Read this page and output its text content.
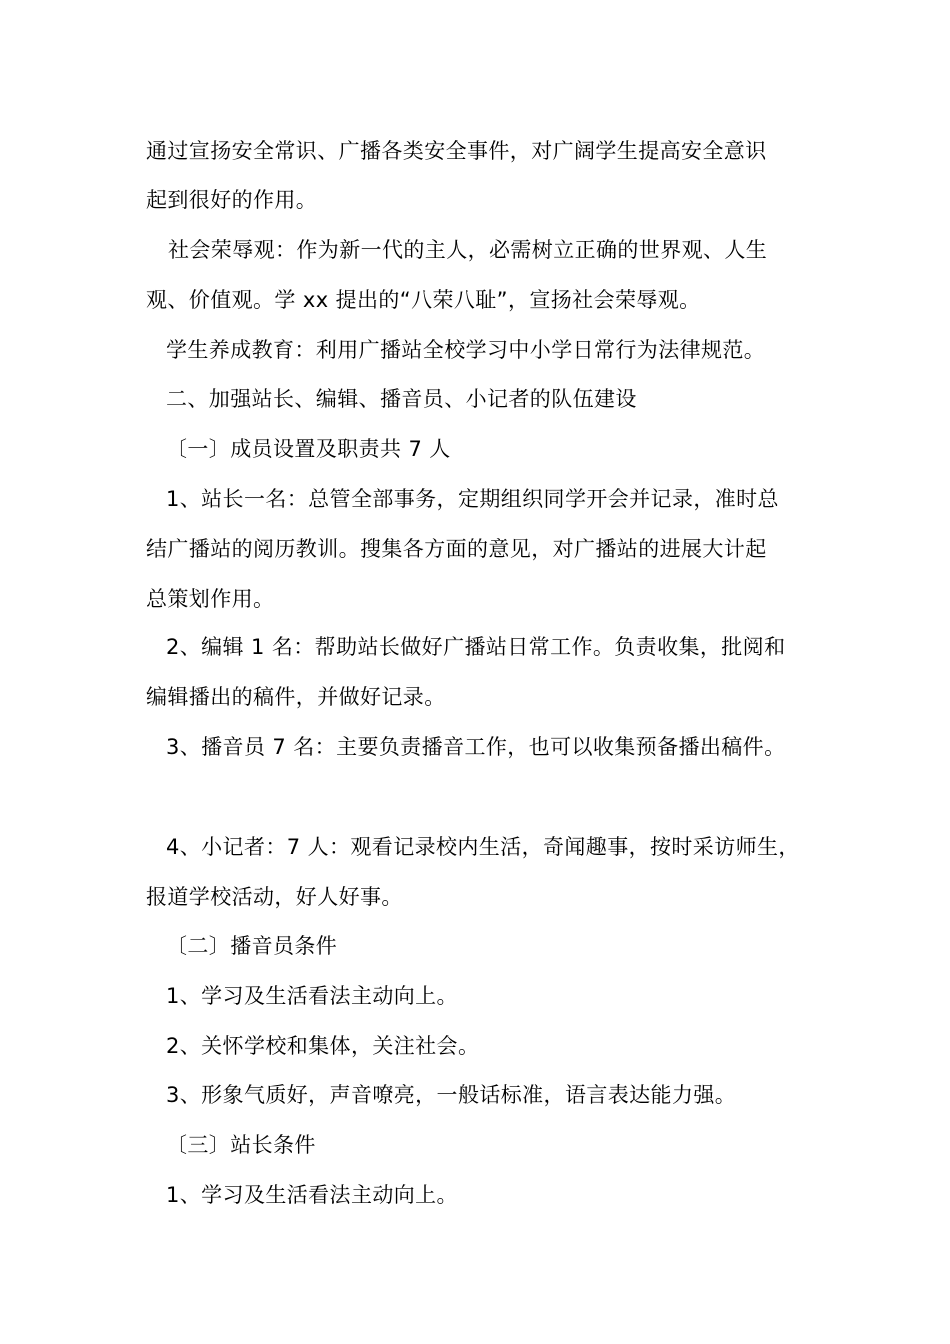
通过宣扬安全常识、广播各类安全事件，对广阔学生提高安全意识
起到很好的作用。
社会荣辱观：作为新一代的主人，必需树立正确的世界观、人生
观、价值观。学 xx 提出的“八荣八耻”，宣扬社会荣辱观。
学生养成教育：利用广播站全校学习中小学日常行为法律规范。
二、加强站长、编辑、播音员、小记者的队伍建设
〔一〕成员设置及职责共 7 人
1、站长一名：总管全部事务，定期组织同学开会并记录，准时总
结广播站的阅历教训。搜集各方面的意见，对广播站的进展大计起
总策划作用。
2、编辑 1 名：帮助站长做好广播站日常工作。负责收集，批阅和
编辑播出的稿件，并做好记录。
3、播音员 7 名：主要负责播音工作，也可以收集预备播出稿件。
4、小记者：7 人：观看记录校内生活，奇闻趣事，按时采访师生，
报道学校活动，好人好事。
〔二〕播音员条件
1、学习及生活看法主动向上。
2、关怀学校和集体，关注社会。
3、形象气质好，声音嘹亮，一般话标准，语言表达能力强。
〔三〕站长条件
1、学习及生活看法主动向上。
